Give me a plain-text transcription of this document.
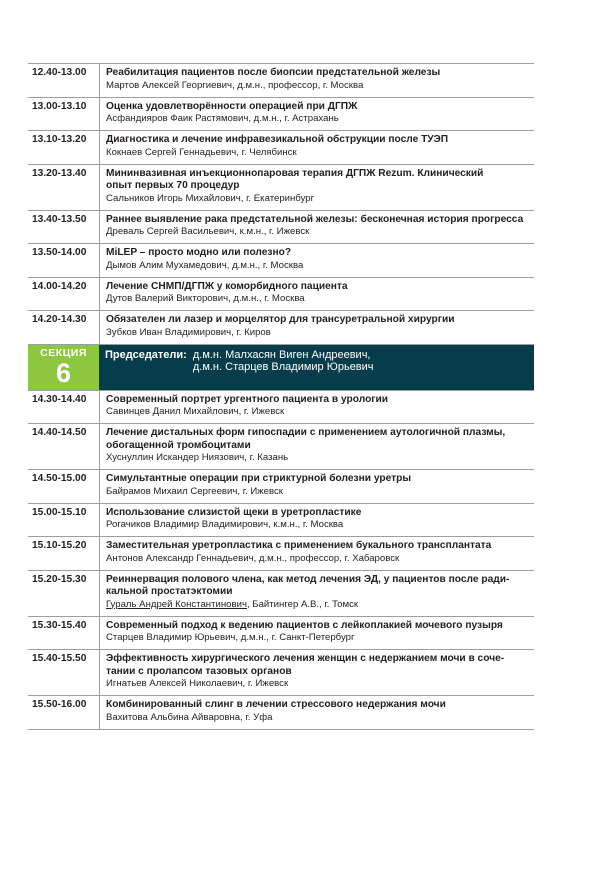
12.40-13.00	Реабилитация пациентов после биопсии предстательной железы
Мартов Алексей Георгиевич, д.м.н., профессор, г. Москва
13.00-13.10	Оценка удовлетворённости операцией при ДГПЖ
Асфандияров Фаик Растямович, д.м.н., г. Астрахань
13.10-13.20	Диагностика и лечение инфравезикальной обструкции после ТУЭП
Кокнаев Сергей Геннадьевич, г. Челябинск
13.20-13.40	Мининвазивная инъекционнопаровая терапия ДГПЖ Rezum. Клинический
опыт первых 70 процедур
Сальников Игорь Михайлович, г. Екатеринбург
13.40-13.50	Раннее выявление рака предстательной железы: бесконечная история прогресса
Древаль Сергей Васильевич, к.м.н., г. Ижевск
13.50-14.00	MiLEP – просто модно или полезно?
Дымов Алим Мухамедович, д.м.н., г. Москва
14.00-14.20	Лечение СНМП/ДГПЖ у коморбидного пациента
Дутов Валерий Викторович, д.м.н., г. Москва
14.20-14.30	Обязателен ли лазер и морцелятор для трансуретральной хирургии
Зубков Иван Владимирович, г. Киров
СЕКЦИЯ
6
Председатели: д.м.н. Малхасян Виген Андреевич,
д.м.н. Старцев Владимир Юрьевич
14.30-14.40	Современный портрет ургентного пациента в урологии
Савинцев Данил Михайлович, г. Ижевск
14.40-14.50	Лечение дистальных форм гипоспадии с применением аутологичной плазмы,
обогащенной тромбоцитами
Хуснуллин Искандер Ниязович, г. Казань
14.50-15.00	Симультантные операции при стриктурной болезни уретры
Байрамов Михаил Сергеевич, г. Ижевск
15.00-15.10	Использование слизистой щеки в уретропластике
Рогачиков Владимир Владимирович, к.м.н., г. Москва
15.10-15.20	Заместительная уретропластика с применением букального трансплантата
Антонов Александр Геннадьевич, д.м.н., профессор, г. Хабаровск
15.20-15.30	Реиннервация полового члена, как метод лечения ЭД, у пациентов после ради-
кальной простатэктомии
Гураль Андрей Константинович, Байтингер А.В., г. Томск
15.30-15.40	Современный подход к ведению пациентов с лейкоплакией мочевого пузыря
Старцев Владимир Юрьевич, д.м.н., г. Санкт-Петербург
15.40-15.50	Эффективность хирургического лечения женщин с недержанием мочи в соче-
тании с пролапсом тазовых органов
Игнатьев Алексей Николаевич, г. Ижевск
15.50-16.00	Комбинированный слинг в лечении стрессового недержания мочи
Вахитова Альбина Айваровна, г. Уфа
